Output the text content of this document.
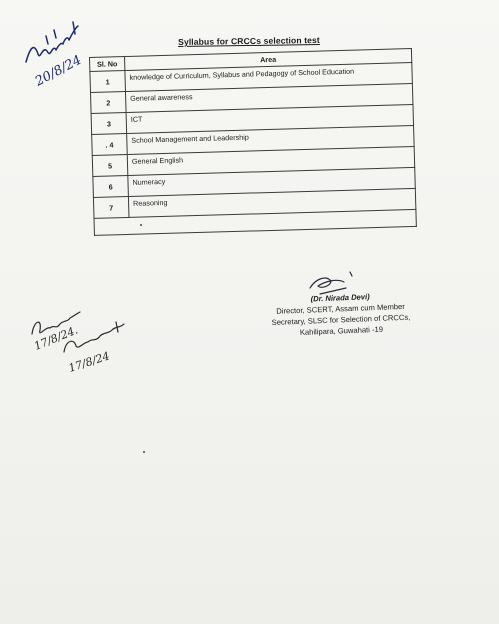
20/8/24
Syllabus for CRCCs selection test
Sl. No	Area
1	knowledge of Curriculum, Syllabus and Pedagogy of School Education
2	General awareness
3	ICT
. 4	School Management and Leadership
5	General English
6	Numeracy
7	Reasoning

(Dr. Nirada Devi)
Director, SCERT, Assam cum Member
Secretary, SLSC for Selection of CRCCs,
Kahilipara, Guwahati -19
17/8/24.
17/8/24
